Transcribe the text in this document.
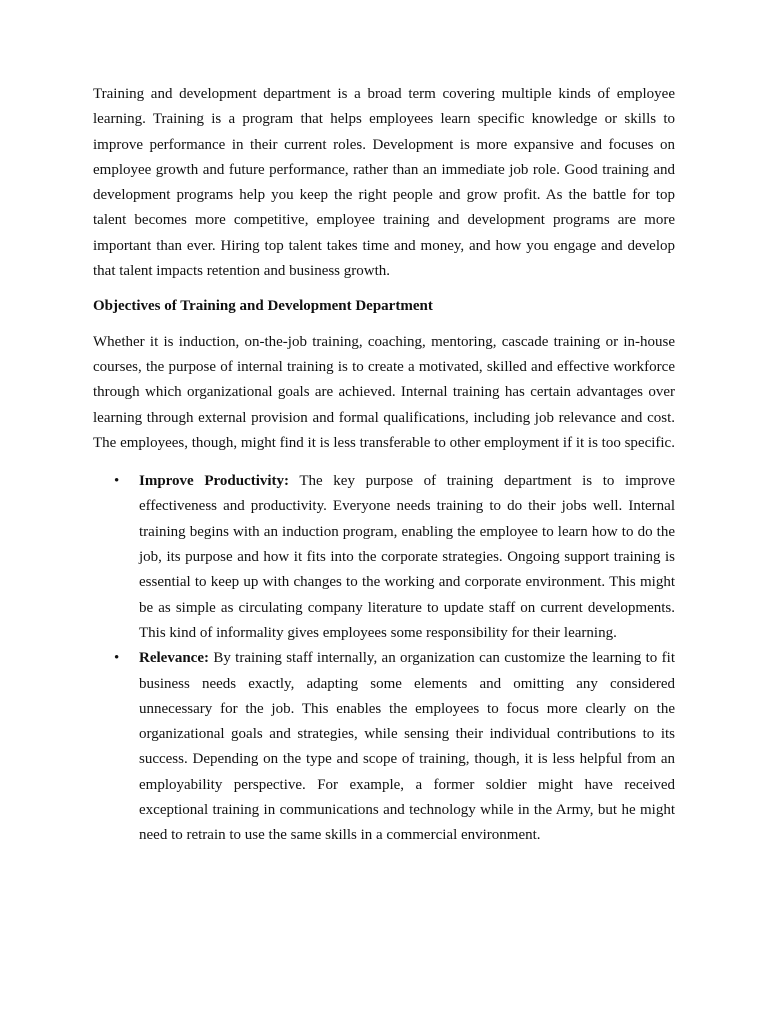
Training and development department is a broad term covering multiple kinds of employee learning. Training is a program that helps employees learn specific knowledge or skills to improve performance in their current roles. Development is more expansive and focuses on employee growth and future performance, rather than an immediate job role. Good training and development programs help you keep the right people and grow profit. As the battle for top talent becomes more competitive, employee training and development programs are more important than ever. Hiring top talent takes time and money, and how you engage and develop that talent impacts retention and business growth.

Objectives of Training and Development Department

Whether it is induction, on-the-job training, coaching, mentoring, cascade training or in-house courses, the purpose of internal training is to create a motivated, skilled and effective workforce through which organizational goals are achieved. Internal training has certain advantages over learning through external provision and formal qualifications, including job relevance and cost. The employees, though, might find it is less transferable to other employment if it is too specific.

• Improve Productivity: The key purpose of training department is to improve effectiveness and productivity. Everyone needs training to do their jobs well. Internal training begins with an induction program, enabling the employee to learn how to do the job, its purpose and how it fits into the corporate strategies. Ongoing support training is essential to keep up with changes to the working and corporate environment. This might be as simple as circulating company literature to update staff on current developments. This kind of informality gives employees some responsibility for their learning.
• Relevance: By training staff internally, an organization can customize the learning to fit business needs exactly, adapting some elements and omitting any considered unnecessary for the job. This enables the employees to focus more clearly on the organizational goals and strategies, while sensing their individual contributions to its success. Depending on the type and scope of training, though, it is less helpful from an employability perspective. For example, a former soldier might have received exceptional training in communications and technology while in the Army, but he might need to retrain to use the same skills in a commercial environment.
